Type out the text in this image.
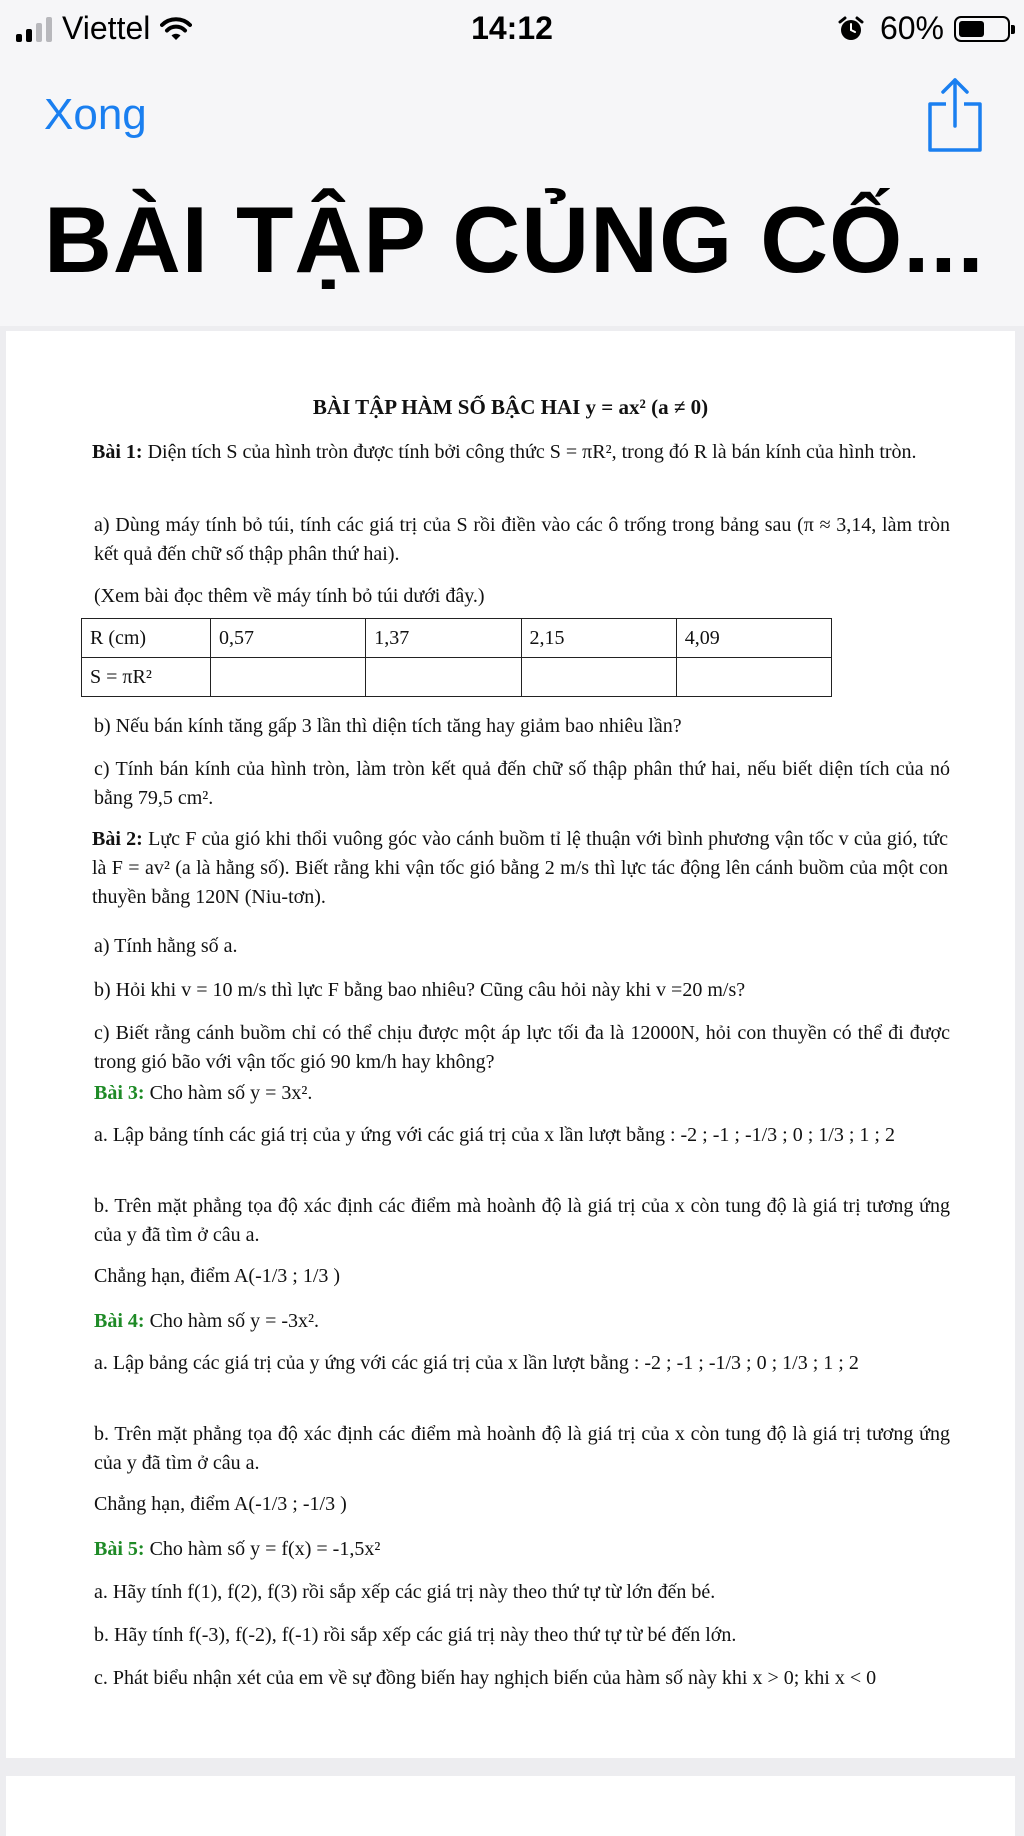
Viettel	14:12	60%
Xong
BÀI TẬP CỦNG CỐ...
BÀI TẬP HÀM SỐ BẬC HAI y = ax² (a ≠ 0)
Bài 1: Diện tích S của hình tròn được tính bởi công thức S = πR², trong đó R là bán kính của hình tròn.
a) Dùng máy tính bỏ túi, tính các giá trị của S rồi điền vào các ô trống trong bảng sau (π ≈ 3,14, làm tròn kết quả đến chữ số thập phân thứ hai).
(Xem bài đọc thêm về máy tính bỏ túi dưới đây.)
R (cm)	0,57	1,37	2,15	4,09
S = πR²				
b) Nếu bán kính tăng gấp 3 lần thì diện tích tăng hay giảm bao nhiêu lần?
c) Tính bán kính của hình tròn, làm tròn kết quả đến chữ số thập phân thứ hai, nếu biết diện tích của nó bằng 79,5 cm².
Bài 2: Lực F của gió khi thổi vuông góc vào cánh buồm tỉ lệ thuận với bình phương vận tốc v của gió, tức là F = av² (a là hằng số). Biết rằng khi vận tốc gió bằng 2 m/s thì lực tác động lên cánh buồm của một con thuyền bằng 120N (Niu-tơn).
a) Tính hằng số a.
b) Hỏi khi v = 10 m/s thì lực F bằng bao nhiêu? Cũng câu hỏi này khi v =20 m/s?
c) Biết rằng cánh buồm chỉ có thể chịu được một áp lực tối đa là 12000N, hỏi con thuyền có thể đi được trong gió bão với vận tốc gió 90 km/h hay không?
Bài 3: Cho hàm số y = 3x².
a. Lập bảng tính các giá trị của y ứng với các giá trị của x lần lượt bằng : -2 ; -1 ; -1/3 ; 0 ; 1/3 ; 1 ; 2
b. Trên mặt phẳng tọa độ xác định các điểm mà hoành độ là giá trị của x còn tung độ là giá trị tương ứng của y đã tìm ở câu a.
Chẳng hạn, điểm A(-1/3 ; 1/3 )
Bài 4: Cho hàm số y = -3x².
a. Lập bảng các giá trị của y ứng với các giá trị của x lần lượt bằng : -2 ; -1 ; -1/3 ; 0 ; 1/3 ; 1 ; 2
b. Trên mặt phẳng tọa độ xác định các điểm mà hoành độ là giá trị của x còn tung độ là giá trị tương ứng của y đã tìm ở câu a.
Chẳng hạn, điểm A(-1/3 ; -1/3 )
Bài 5: Cho hàm số y = f(x) = -1,5x²
a. Hãy tính f(1), f(2), f(3) rồi sắp xếp các giá trị này theo thứ tự từ lớn đến bé.
b. Hãy tính f(-3), f(-2), f(-1) rồi sắp xếp các giá trị này theo thứ tự từ bé đến lớn.
c. Phát biểu nhận xét của em về sự đồng biến hay nghịch biến của hàm số này khi x > 0; khi x < 0
